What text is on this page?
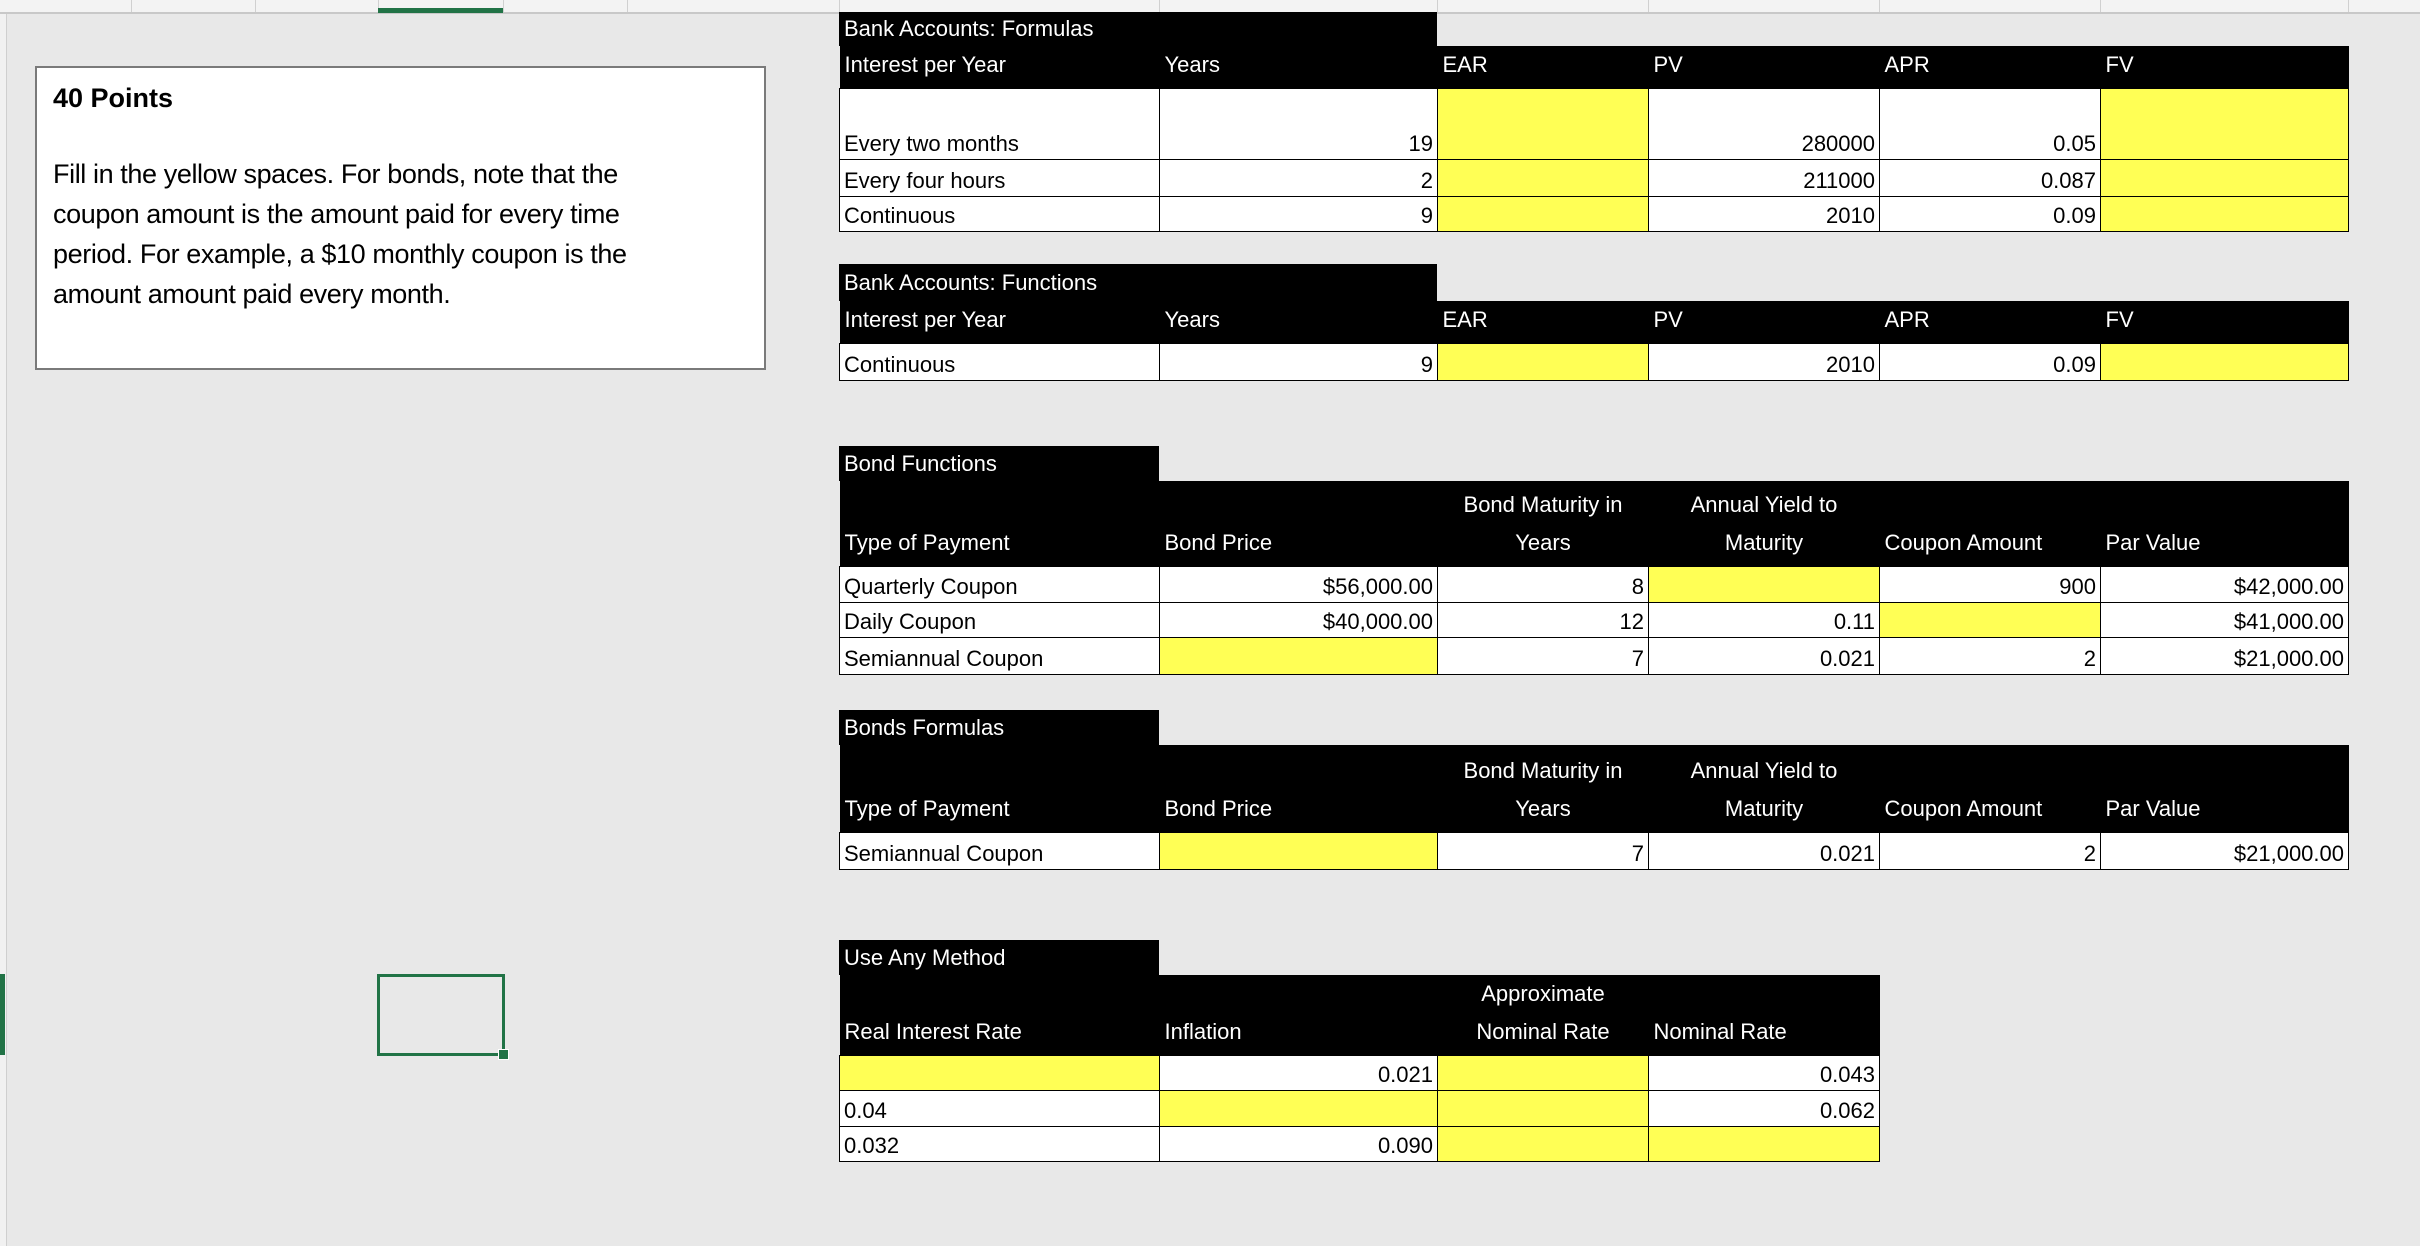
40 Points
Fill in the yellow spaces. For bonds, note that the
coupon amount is the amount paid for every time
period. For example, a $10 monthly coupon is the
amount amount paid every month.
Bank Accounts: Formulas
Interest per Year	Years	EAR	PV	APR	FV
Every two months	19		280000	0.05	
Every four hours	2		211000	0.087	
Continuous	9		2010	0.09	
Bank Accounts: Functions
Interest per Year	Years	EAR	PV	APR	FV
Continuous	9		2010	0.09	
Bond Functions
Type of Payment	Bond Price	Bond Maturity in
Years	Annual Yield to
Maturity	Coupon Amount	Par Value
Quarterly Coupon	$56,000.00	8		900	$42,000.00
Daily Coupon	$40,000.00	12	0.11		$41,000.00
Semiannual Coupon		7	0.021	2	$21,000.00
Bonds Formulas
Type of Payment	Bond Price	Bond Maturity in
Years	Annual Yield to
Maturity	Coupon Amount	Par Value
Semiannual Coupon		7	0.021	2	$21,000.00
Use Any Method
Real Interest Rate	Inflation	Approximate
Nominal Rate	Nominal Rate
	0.021		0.043
0.04			0.062
0.032	0.090		
